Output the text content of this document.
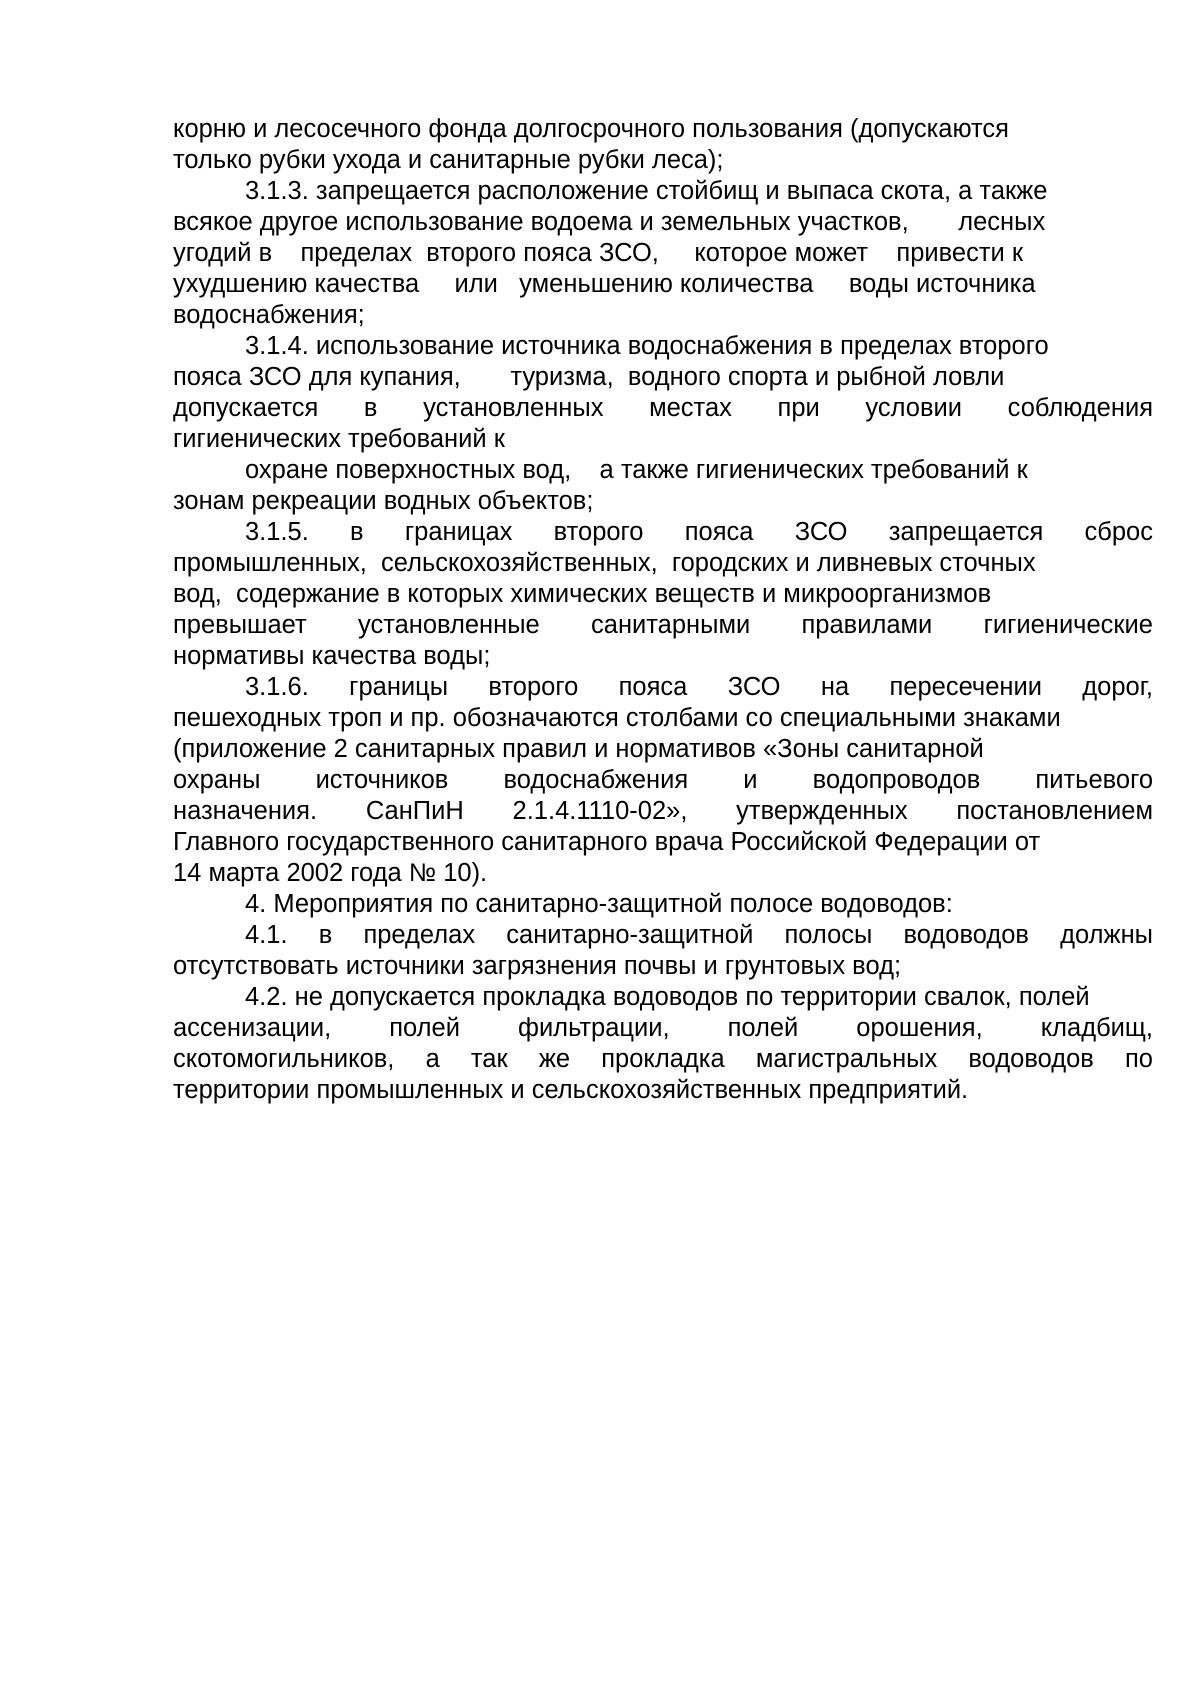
корню и лесосечного фонда долгосрочного пользования (допускаются
только рубки ухода и санитарные рубки леса);
3.1.3. запрещается расположение стойбищ и выпаса скота, а также
всякое другое использование водоема и земельных участков,       лесных
угодий в    пределах  второго пояса ЗСО,     которое может    привести к
ухудшению качества     или   уменьшению количества     воды источника
водоснабжения;
3.1.4. использование источника водоснабжения в пределах второго
пояса ЗСО для купания,       туризма,  водного спорта и рыбной ловли
допускается в установленных местах при условии соблюдения
гигиенических требований к
охране поверхностных вод,    а также гигиенических требований к
зонам рекреации водных объектов;
3.1.5. в границах второго пояса ЗСО запрещается сброс
промышленных,  сельскохозяйственных,  городских и ливневых сточных
вод,  содержание в которых химических веществ и микроорганизмов
превышает установленные санитарными правилами гигиенические
нормативы качества воды;
3.1.6. границы второго пояса ЗСО на пересечении дорог,
пешеходных троп и пр. обозначаются столбами со специальными знаками
(приложение 2 санитарных правил и нормативов «Зоны санитарной
охраны источников водоснабжения и водопроводов питьевого
назначения. СанПиН 2.1.4.1110-02», утвержденных постановлением
Главного государственного санитарного врача Российской Федерации от
14 марта 2002 года № 10).
4. Мероприятия по санитарно-защитной полосе водоводов:
4.1. в пределах санитарно-защитной полосы водоводов должны
отсутствовать источники загрязнения почвы и грунтовых вод;
4.2. не допускается прокладка водоводов по территории свалок, полей
ассенизации, полей фильтрации, полей орошения, кладбищ,
скотомогильников, а так же прокладка магистральных водоводов по
территории промышленных и сельскохозяйственных предприятий.
